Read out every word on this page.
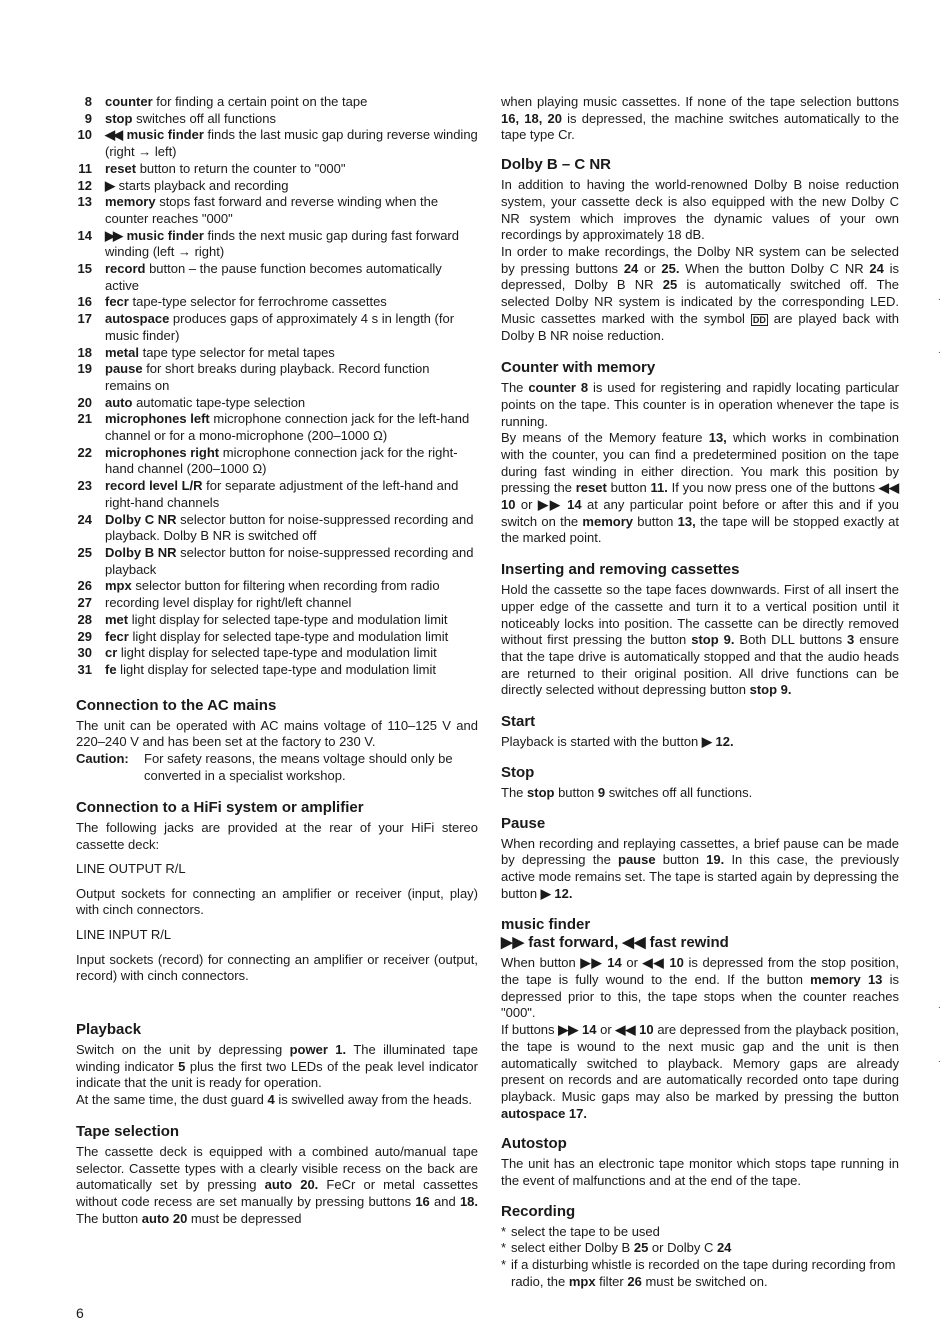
8 counter for finding a certain point on the tape
9 stop switches off all functions
10 ◀◀ music finder finds the last music gap during reverse winding (right → left)
11 reset button to return the counter to "000"
12 ▶ starts playback and recording
13 memory stops fast forward and reverse winding when the counter reaches "000"
14 ▶▶ music finder finds the next music gap during fast forward winding (left → right)
15 record button – the pause function becomes automatically active
16 fecr tape-type selector for ferrochrome cassettes
17 autospace produces gaps of approximately 4 s in length (for music finder)
18 metal tape type selector for metal tapes
19 pause for short breaks during playback. Record function remains on
20 auto automatic tape-type selection
21 microphones left microphone connection jack for the left-hand channel or for a mono-microphone (200–1000 Ω)
22 microphones right microphone connection jack for the right-hand channel (200–1000 Ω)
23 record level L/R for separate adjustment of the left-hand and right-hand channels
24 Dolby C NR selector button for noise-suppressed recording and playback. Dolby B NR is switched off
25 Dolby B NR selector button for noise-suppressed recording and playback
26 mpx selector button for filtering when recording from radio
27 recording level display for right/left channel
28 met light display for selected tape-type and modulation limit
29 fecr light display for selected tape-type and modulation limit
30 cr light display for selected tape-type and modulation limit
31 fe light display for selected tape-type and modulation limit
Connection to the AC mains

The unit can be operated with AC mains voltage of 110–125 V and 220–240 V and has been set at the factory to 230 V.

Caution: For safety reasons, the means voltage should only be converted in a specialist workshop.
Connection to a HiFi system or amplifier

The following jacks are provided at the rear of your HiFi stereo cassette deck:

LINE OUTPUT R/L

Output sockets for connecting an amplifier or receiver (input, play) with cinch connectors.

LINE INPUT R/L

Input sockets (record) for connecting an amplifier or receiver (output, record) with cinch connectors.

Playback

Switch on the unit by depressing power 1. The illuminated tape winding indicator 5 plus the first two LEDs of the peak level indicator indicate that the unit is ready for operation.

At the same time, the dust guard 4 is swivelled away from the heads.

Tape selection

The cassette deck is equipped with a combined auto/manual tape selector. Cassette types with a clearly visible recess on the back are automatically set by pressing auto 20. FeCr or metal cassettes without code recess are set manually by pressing buttons 16 and 18. The button auto 20 must be depressed

6

when playing music cassettes. If none of the tape selection buttons 16, 18, 20 is depressed, the machine switches automatically to the tape type Cr.

Dolby B – C NR

In addition to having the world-renowned Dolby B noise reduction system, your cassette deck is also equipped with the new Dolby C NR system which improves the dynamic values of your own recordings by approximately 18 dB.

In order to make recordings, the Dolby NR system can be selected by pressing buttons 24 or 25. When the button Dolby C NR 24 is depressed, Dolby B NR 25 is automatically switched off. The selected Dolby NR system is indicated by the corresponding LED. Music cassettes marked with the symbol DD are played back with Dolby B NR noise reduction.

Counter with memory

The counter 8 is used for registering and rapidly locating particular points on the tape. This counter is in operation whenever the tape is running.

By means of the Memory feature 13, which works in combination with the counter, you can find a predetermined position on the tape during fast winding in either direction. You mark this position by pressing the reset button 11. If you now press one of the buttons ◀◀ 10 or ▶▶ 14 at any particular point before or after this and if you switch on the memory button 13, the tape will be stopped exactly at the marked point.

Inserting and removing cassettes

Hold the cassette so the tape faces downwards. First of all insert the upper edge of the cassette and turn it to a vertical position until it noticeably locks into position. The cassette can be directly removed without first pressing the button stop 9. Both DLL buttons 3 ensure that the tape drive is automatically stopped and that the audio heads are returned to their original position. All drive functions can be directly selected without depressing button stop 9.

Start

Playback is started with the button ▶ 12.

Stop

The stop button 9 switches off all functions.

Pause

When recording and replaying cassettes, a brief pause can be made by depressing the pause button 19. In this case, the previously active mode remains set. The tape is started again by depressing the button ▶ 12.

music finder
▶▶ fast forward, ◀◀ fast rewind

When button ▶▶ 14 or ◀◀ 10 is depressed from the stop position, the tape is fully wound to the end. If the button memory 13 is depressed prior to this, the tape stops when the counter reaches "000".

If buttons ▶▶ 14 or ◀◀ 10 are depressed from the playback position, the tape is wound to the next music gap and the unit is then automatically switched to playback. Memory gaps are already present on records and are automatically recorded onto tape during playback. Music gaps may also be marked by pressing the button autospace 17.

Autostop

The unit has an electronic tape monitor which stops tape running in the event of malfunctions and at the end of the tape.

Recording
* select the tape to be used
* select either Dolby B 25 or Dolby C 24
* if a disturbing whistle is recorded on the tape during recording from radio, the mpx filter 26 must be switched on.
.
.
.
.
